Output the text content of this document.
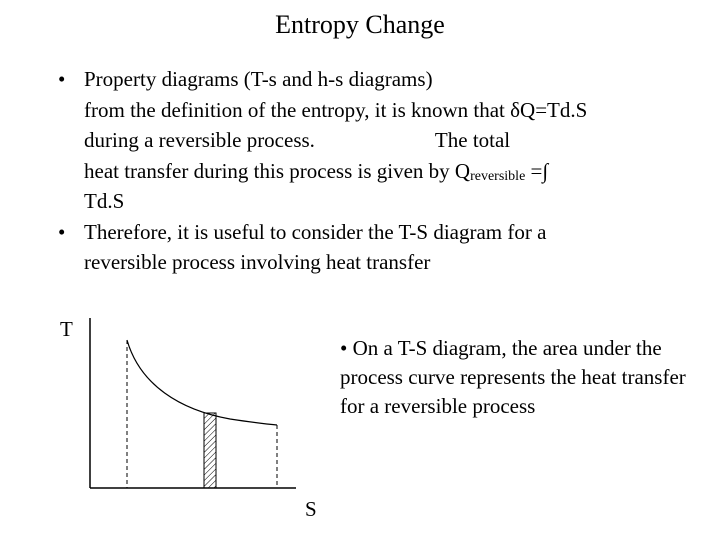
Entropy Change
• Property diagrams (T-s and h-s diagrams)
from the definition of the entropy, it is known that δQ=Td.S
during a reversible process.	The total
heat transfer during this process is given by $Q_{reversible}$ =∫
Td.S
• Therefore, it is useful to consider the T-S diagram for a
reversible process involving heat transfer
T
S
• On a T-S diagram, the area under the process curve represents the heat transfer for a reversible process
